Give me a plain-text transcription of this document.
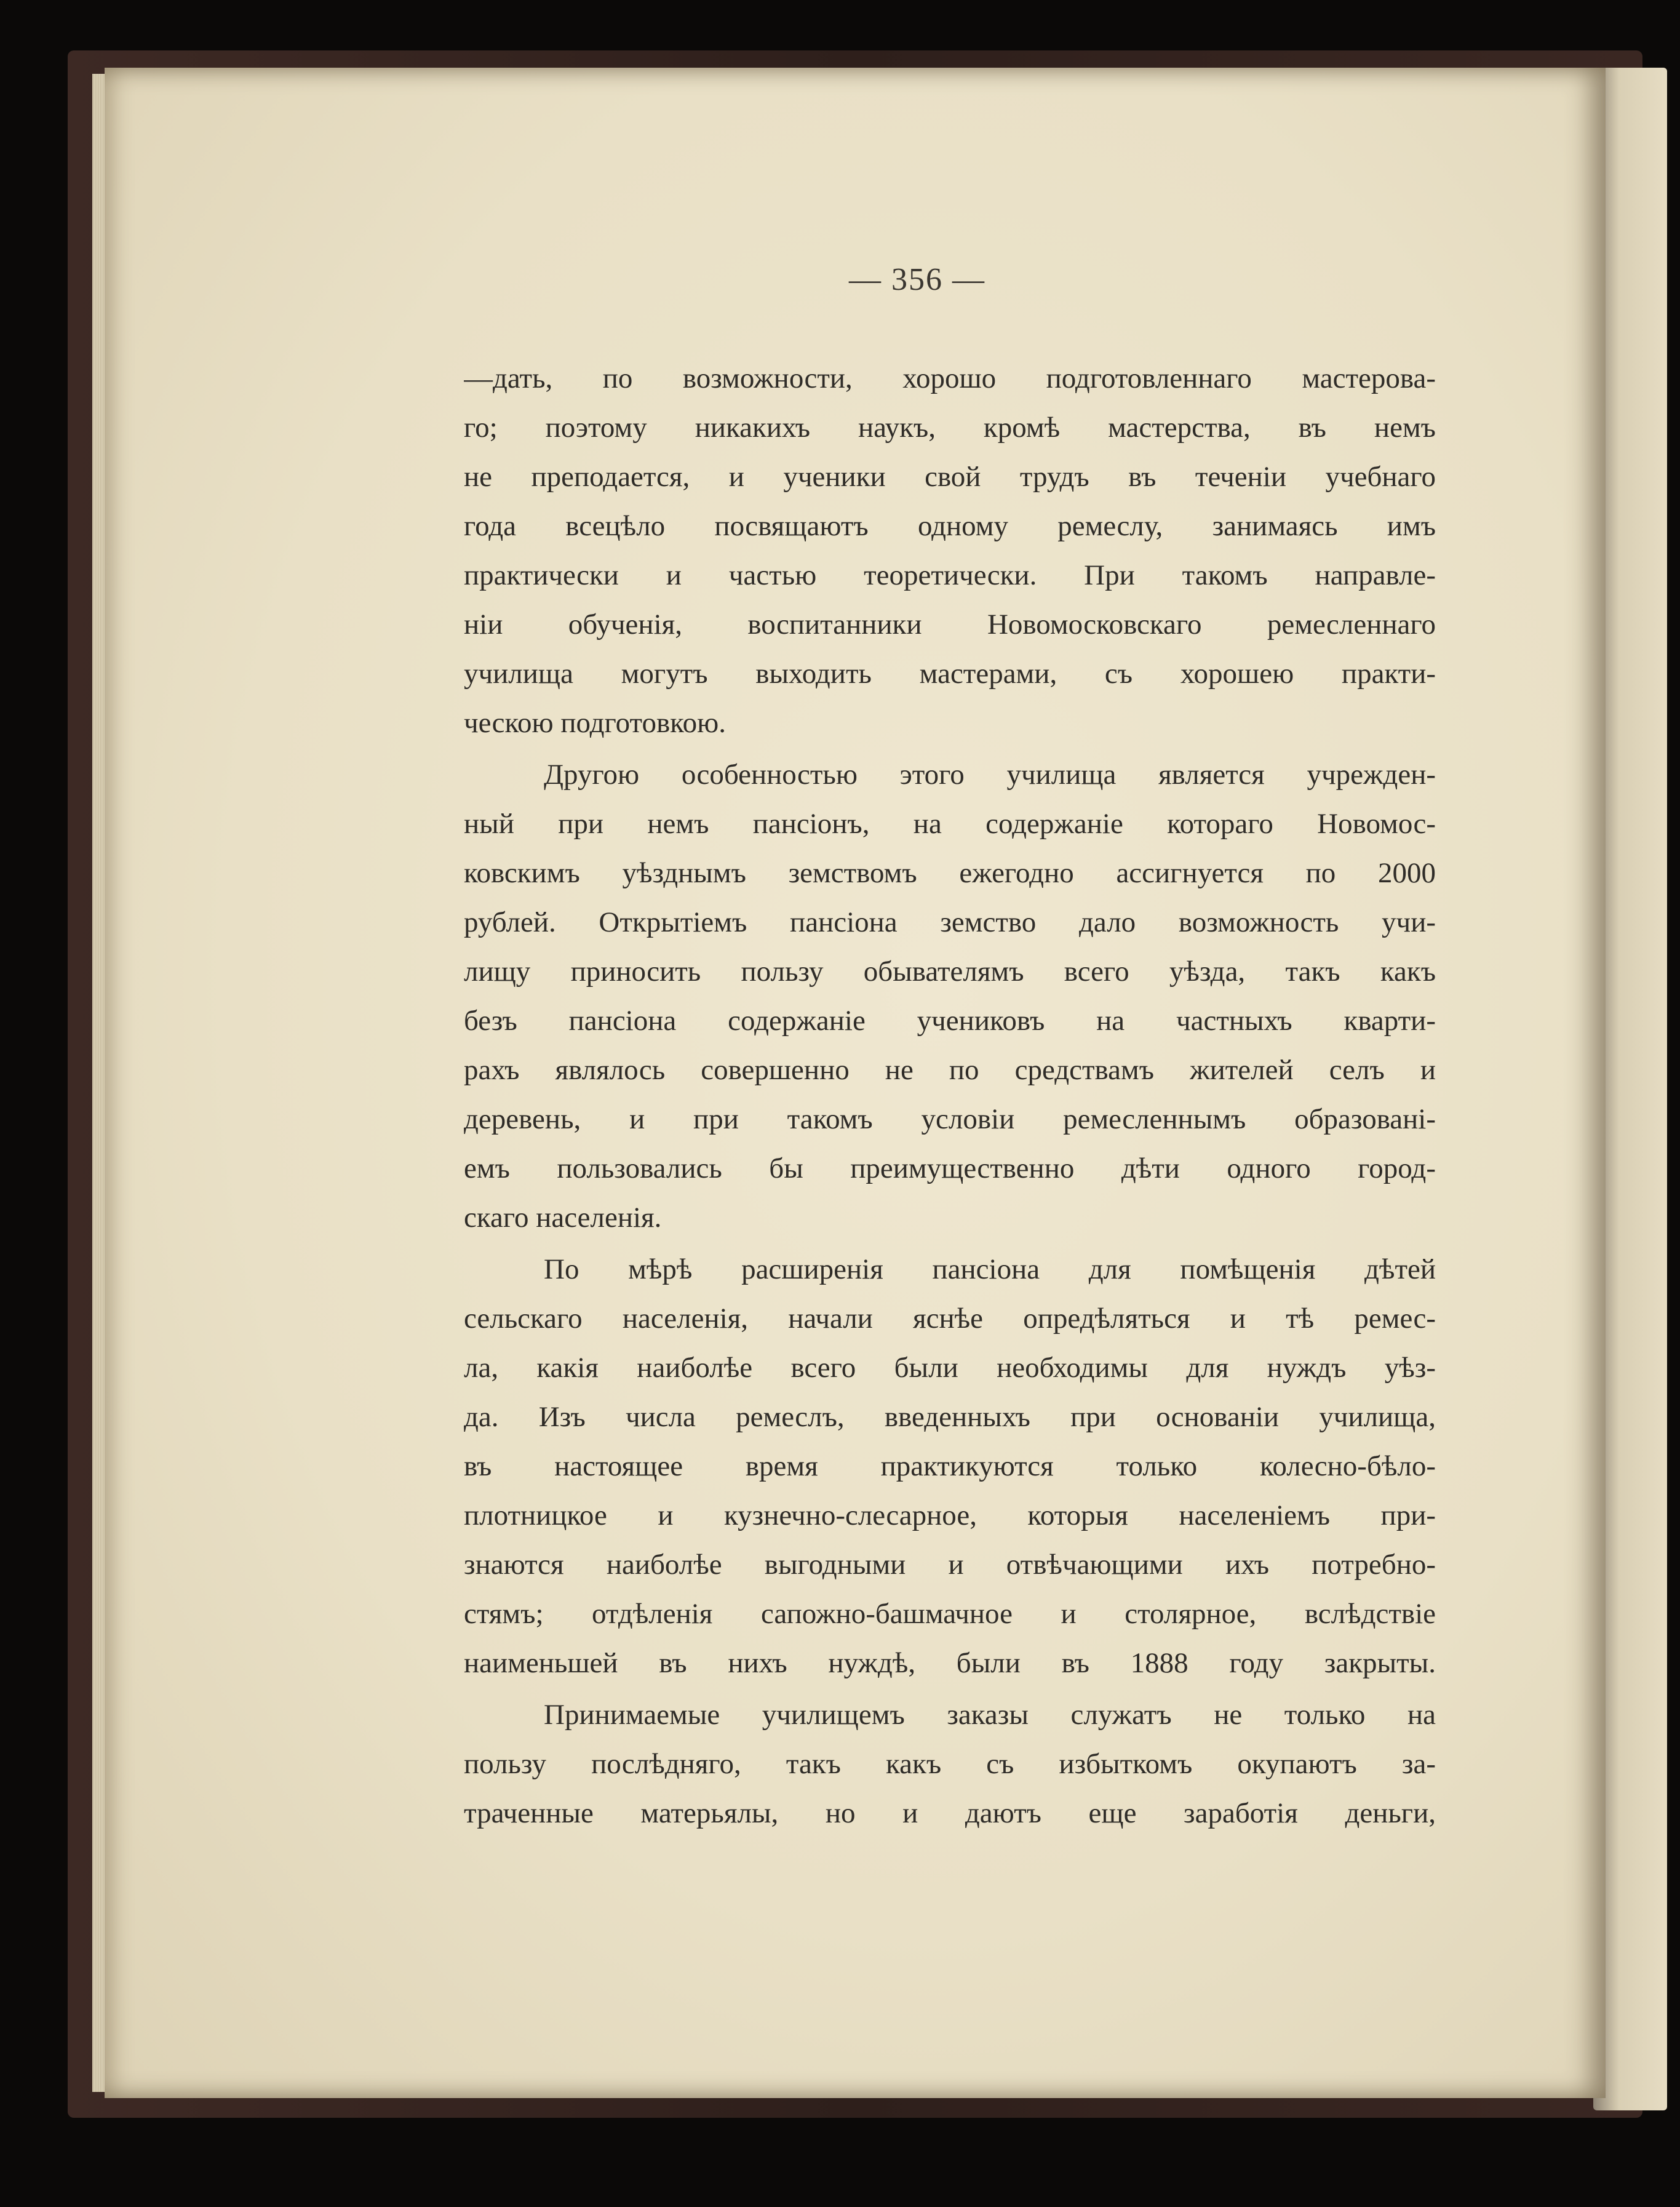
— 356 —
—дать, по возможности, хорошо подготовленнаго мастерова-
го; поэтому никакихъ наукъ, кромѣ мастерства, въ немъ
не преподается, и ученики свой трудъ въ теченіи учебнаго
года всецѣло посвящаютъ одному ремеслу, занимаясь имъ
практически и частью теоретически. При такомъ направле-
ніи обученія, воспитанники Новомосковскаго ремесленнаго
училища могутъ выходить мастерами, съ хорошею практи-
ческою подготовкою.
Другою особенностью этого училища является учрежден-
ный при немъ пансіонъ, на содержаніе котораго Новомос-
ковскимъ уѣзднымъ земствомъ ежегодно ассигнуется по 2000
рублей. Открытіемъ пансіона земство дало возможность учи-
лищу приносить пользу обывателямъ всего уѣзда, такъ какъ
безъ пансіона содержаніе учениковъ на частныхъ кварти-
рахъ являлось совершенно не по средствамъ жителей селъ и
деревень, и при такомъ условіи ремесленнымъ образовані-
емъ пользовались бы преимущественно дѣти одного город-
скаго населенія.
По мѣрѣ расширенія пансіона для помѣщенія дѣтей
сельскаго населенія, начали яснѣе опредѣляться и тѣ ремес-
ла, какія наиболѣе всего были необходимы для нуждъ уѣз-
да. Изъ числа ремеслъ, введенныхъ при основаніи училища,
въ настоящее время практикуются только колесно-бѣло-
плотницкое и кузнечно-слесарное, которыя населеніемъ при-
знаются наиболѣе выгодными и отвѣчающими ихъ потребно-
стямъ; отдѣленія сапожно-башмачное и столярное, вслѣдствіе
наименьшей въ нихъ нуждѣ, были въ 1888 году закрыты.
Принимаемые училищемъ заказы служатъ не только на
пользу послѣдняго, такъ какъ съ избыткомъ окупаютъ за-
траченные матерьялы, но и даютъ еще заработія деньги,
